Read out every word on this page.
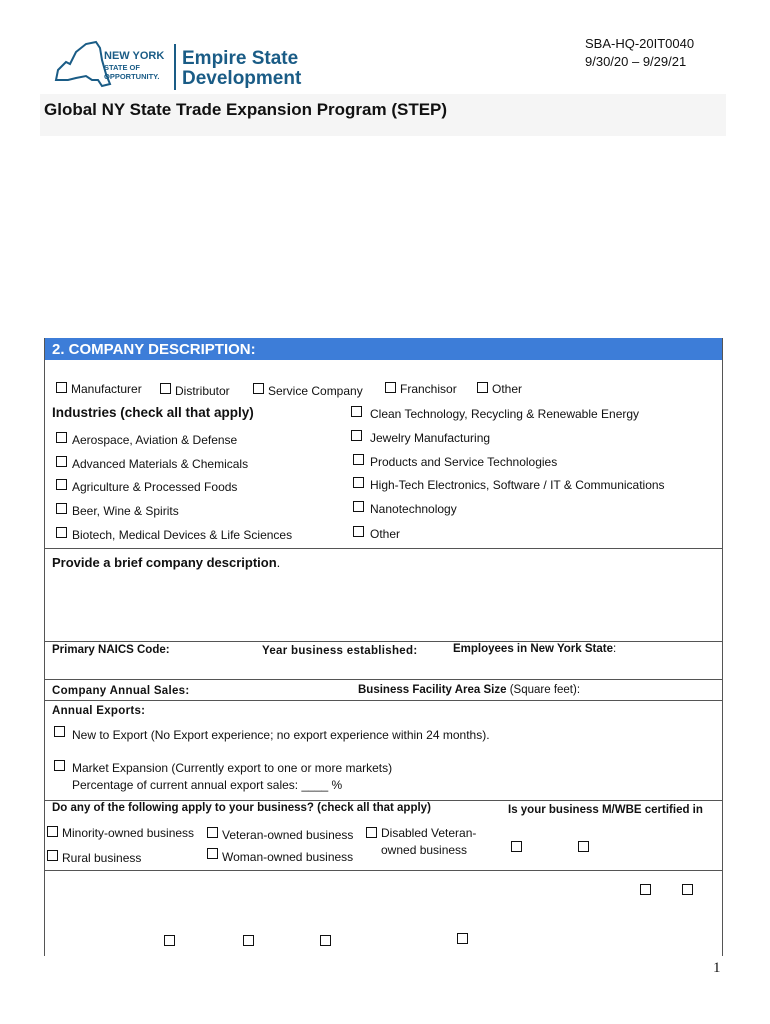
NEW YORK
STATE OF
OPPORTUNITY.
Empire State
Development
SBA-HQ-20IT0040
9/30/20 – 9/29/21
Global NY State Trade Expansion Program (STEP)
2. COMPANY DESCRIPTION:
Manufacturer	Distributor	Service Company	Franchisor	Other
Industries (check all that apply)
Aerospace, Aviation & Defense
Advanced Materials & Chemicals
Agriculture & Processed Foods
Beer, Wine & Spirits
Biotech, Medical Devices & Life Sciences
Clean Technology, Recycling & Renewable Energy
Jewelry Manufacturing
Products and Service Technologies
High-Tech Electronics, Software / IT & Communications
Nanotechnology
Other
Provide a brief company description.
Primary NAICS Code:	Year business established:	Employees in New York State:
Company Annual Sales:	Business Facility Area Size (Square feet):
Annual Exports:
New to Export (No Export experience; no export experience within 24 months).
Market Expansion (Currently export to one or more markets)
Percentage of current annual export sales: ____ %
Do any of the following apply to your business? (check all that apply)	Is your business M/WBE certified in
Minority-owned business Veteran-owned business Disabled Veteran-
owned business
Rural business	Woman-owned business
1
